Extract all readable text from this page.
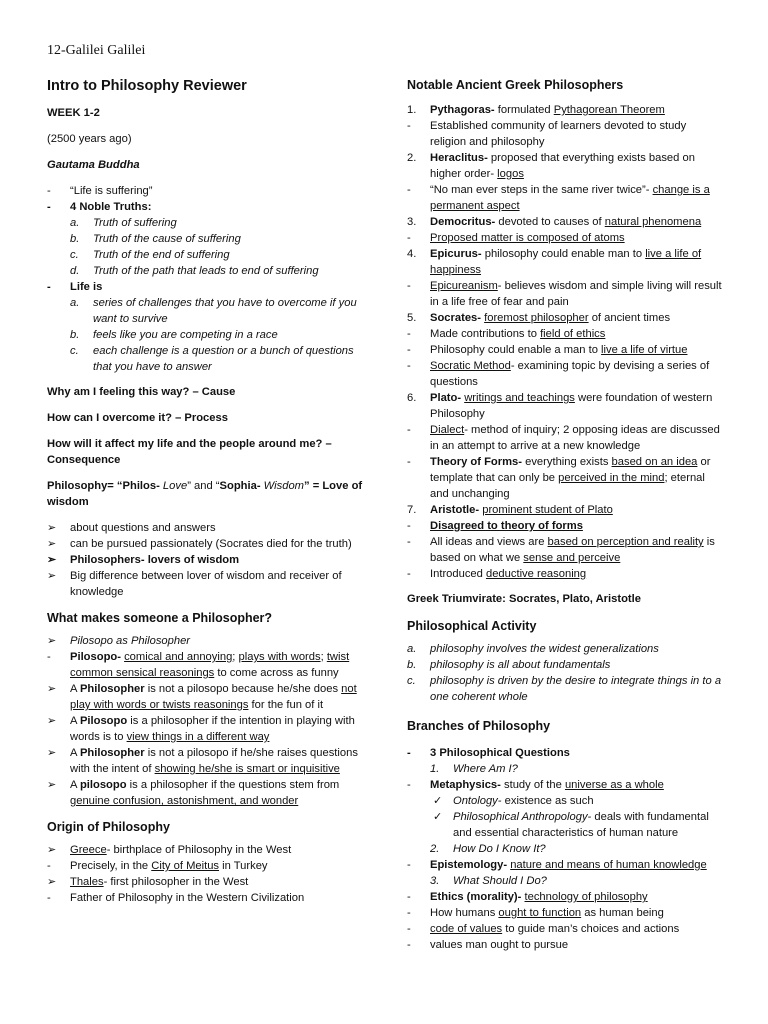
12-Galilei Galilei
Intro to Philosophy Reviewer
WEEK 1-2
(2500 years ago)
Gautama Buddha
-	“Life is suffering”
-	4 Noble Truths:
a.	Truth of suffering
b.	Truth of the cause of suffering
c.	Truth of the end of suffering
d.	Truth of the path that leads to end of suffering
-	Life is
a.	series of challenges that you have to overcome if you want to survive
b.	feels like you are competing in a race
c.	each challenge is a question or a bunch of questions that you have to answer
Why am I feeling this way? – Cause
How can I overcome it? – Process
How will it affect my life and the people around me? – Consequence
Philosophy= “Philos- Love” and “Sophia- Wisdom” = Love of wisdom
➢	about questions and answers
➢	can be pursued passionately (Socrates died for the truth)
➢	Philosophers- lovers of wisdom
➢	Big difference between lover of wisdom and receiver of knowledge
What makes someone a Philosopher?
➢	Pilosopo as Philosopher
-	Pilosopo- comical and annoying; plays with words; twist common sensical reasonings to come across as funny
➢	A Philosopher is not a pilosopo because he/she does not play with words or twists reasonings for the fun of it
➢	A Pilosopo is a philosopher if the intention in playing with words is to view things in a different way
➢	A Philosopher is not a pilosopo if he/she raises questions with the intent of showing he/she is smart or inquisitive
➢	A pilosopo is a philosopher if the questions stem from genuine confusion, astonishment, and wonder
Origin of Philosophy
➢	Greece- birthplace of Philosophy in the West
-	Precisely, in the City of Meitus in Turkey
➢	Thales- first philosopher in the West
-	Father of Philosophy in the Western Civilization
Notable Ancient Greek Philosophers
1.	Pythagoras- formulated Pythagorean Theorem
-	Established community of learners devoted to study religion and philosophy
2.	Heraclitus- proposed that everything exists based on higher order- logos
-	“No man ever steps in the same river twice”- change is a permanent aspect
3.	Democritus- devoted to causes of natural phenomena
-	Proposed matter is composed of atoms
4.	Epicurus- philosophy could enable man to live a life of happiness
-	Epicureanism- believes wisdom and simple living will result in a life free of fear and pain
5.	Socrates- foremost philosopher of ancient times
-	Made contributions to field of ethics
-	Philosophy could enable a man to live a life of virtue
-	Socratic Method- examining topic by devising a series of questions
6.	Plato- writings and teachings were foundation of western Philosophy
-	Dialect- method of inquiry; 2 opposing ideas are discussed in an attempt to arrive at a new knowledge
-	Theory of Forms- everything exists based on an idea or template that can only be perceived in the mind; eternal and unchanging
7.	Aristotle- prominent student of Plato
-	Disagreed to theory of forms
-	All ideas and views are based on perception and reality is based on what we sense and perceive
-	Introduced deductive reasoning
Greek Triumvirate: Socrates, Plato, Aristotle
Philosophical Activity
a.	philosophy involves the widest generalizations
b.	philosophy is all about fundamentals
c.	philosophy is driven by the desire to integrate things in to a one coherent whole
Branches of Philosophy
-	3 Philosophical Questions
1.	Where Am I?
-	Metaphysics- study of the universe as a whole
✓ Ontology- existence as such
✓ Philosophical Anthropology- deals with fundamental and essential characteristics of human nature
2.	How Do I Know It?
-	Epistemology- nature and means of human knowledge
3.	What Should I Do?
-	Ethics (morality)- technology of philosophy
-	How humans ought to function as human being
-	code of values to guide man’s choices and actions
-	values man ought to pursue
